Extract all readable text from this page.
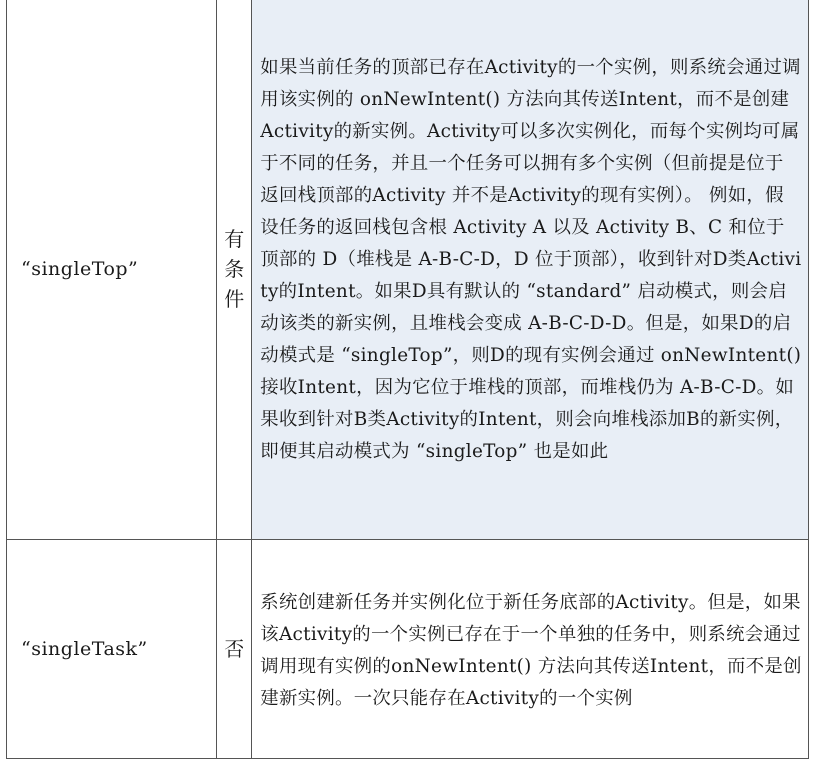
“singleTop”	有条件	如果当前任务的顶部已存在Activity的一个实例，则系统会通过调用该实例的 onNewIntent() 方法向其传送Intent，而不是创建Activity的新实例。Activity可以多次实例化，而每个实例均可属于不同的任务，并且一个任务可以拥有多个实例（但前提是位于返回栈顶部的Activity 并不是Activity的现有实例）。 例如，假设任务的返回栈包含根 Activity A 以及 Activity B、C 和位于顶部的 D（堆栈是 A-B-C-D，D 位于顶部），收到针对D类Activity的Intent。如果D具有默认的 “standard” 启动模式，则会启动该类的新实例，且堆栈会变成 A-B-C-D-D。但是，如果D的启动模式是 “singleTop”，则D的现有实例会通过 onNewIntent() 接收Intent，因为它位于堆栈的顶部，而堆栈仍为 A-B-C-D。如果收到针对B类Activity的Intent，则会向堆栈添加B的新实例，即便其启动模式为 “singleTop” 也是如此

“singleTask”	否	系统创建新任务并实例化位于新任务底部的Activity。但是，如果该Activity的一个实例已存在于一个单独的任务中，则系统会通过调用现有实例的onNewIntent() 方法向其传送Intent，而不是创建新实例。一次只能存在Activity的一个实例
